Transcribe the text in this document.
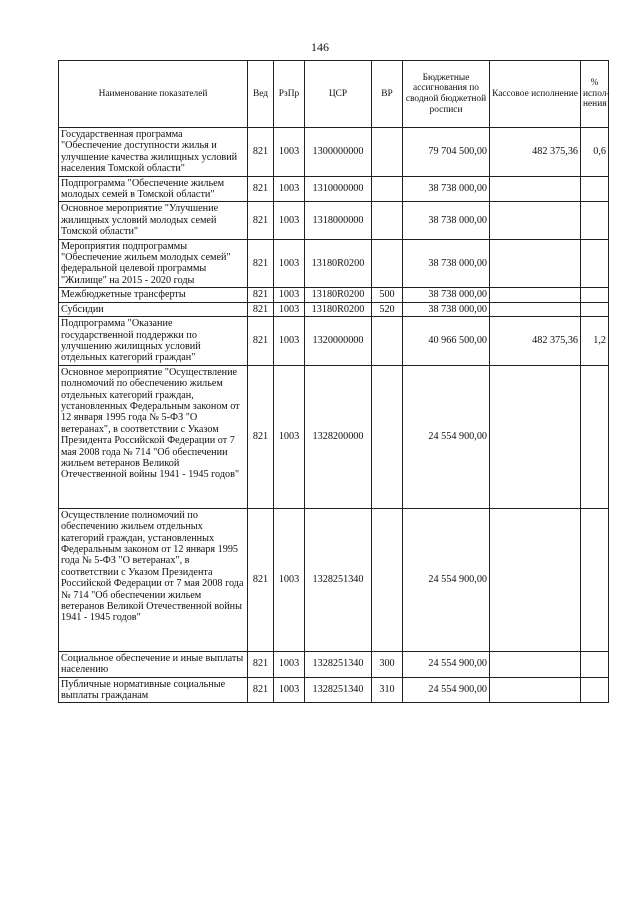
146
Наименование показателей	Вед	РзПр	ЦСР	ВР	Бюджетные ассигнования по сводной бюджетной росписи	Кассовое исполнение	% испол-нения
Государственная программа "Обеспечение доступности жилья и улучшение качества жилищных условий населения Томской области"	821	1003	1300000000		79 704 500,00	482 375,36	0,6
Подпрограмма "Обеспечение жильем молодых семей в Томской области"	821	1003	1310000000		38 738 000,00		
Основное мероприятие "Улучшение жилищных условий молодых семей Томской области"	821	1003	1318000000		38 738 000,00		
Мероприятия подпрограммы "Обеспечение жильем молодых семей" федеральной целевой программы "Жилище" на 2015 - 2020 годы	821	1003	13180R0200		38 738 000,00		
Межбюджетные трансферты	821	1003	13180R0200	500	38 738 000,00		
Субсидии	821	1003	13180R0200	520	38 738 000,00		
Подпрограмма "Оказание государственной поддержки по улучшению жилищных условий отдельных категорий граждан"	821	1003	1320000000		40 966 500,00	482 375,36	1,2
Основное мероприятие "Осуществление полномочий по обеспечению жильем отдельных категорий граждан, установленных Федеральным законом от 12 января 1995 года № 5-ФЗ "О ветеранах", в соответствии с Указом Президента Российской Федерации от 7 мая 2008 года № 714 "Об обеспечении жильем ветеранов Великой Отечественной войны 1941 - 1945 годов"	821	1003	1328200000		24 554 900,00		
Осуществление полномочий по обеспечению жильем отдельных категорий граждан, установленных Федеральным законом от 12 января 1995 года № 5-ФЗ "О ветеранах", в соответствии с Указом Президента Российской Федерации от 7 мая 2008 года № 714 "Об обеспечении жильем ветеранов Великой Отечественной войны 1941 - 1945 годов"	821	1003	1328251340		24 554 900,00		
Социальное обеспечение и иные выплаты населению	821	1003	1328251340	300	24 554 900,00		
Публичные нормативные социальные выплаты гражданам	821	1003	1328251340	310	24 554 900,00		
